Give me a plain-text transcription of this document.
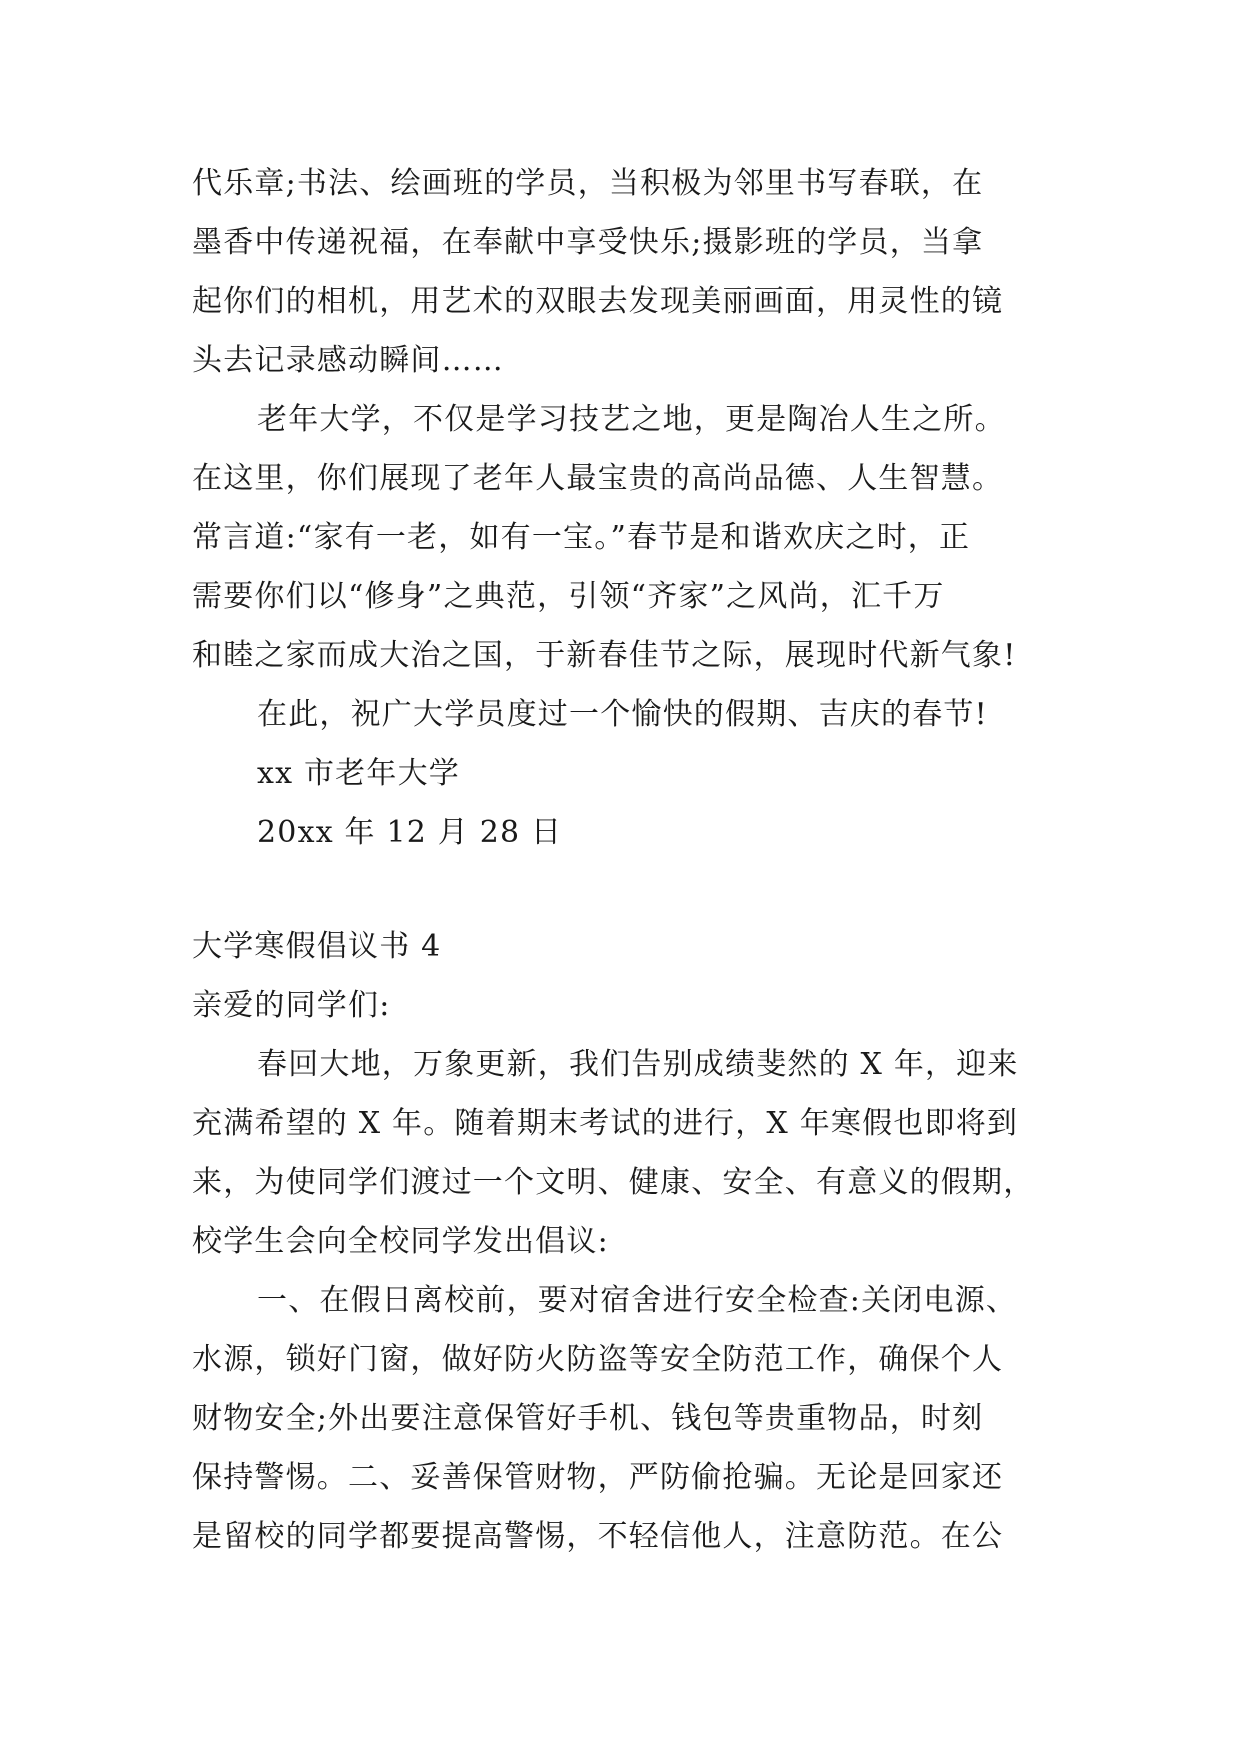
代乐章;书法、绘画班的学员，当积极为邻里书写春联，在
墨香中传递祝福，在奉献中享受快乐;摄影班的学员，当拿
起你们的相机，用艺术的双眼去发现美丽画面，用灵性的镜
头去记录感动瞬间……
老年大学，不仅是学习技艺之地，更是陶冶人生之所。
在这里，你们展现了老年人最宝贵的高尚品德、人生智慧。
常言道:“家有一老，如有一宝。”春节是和谐欢庆之时，正
需要你们以“修身”之典范，引领“齐家”之风尚，汇千万
和睦之家而成大治之国，于新春佳节之际，展现时代新气象!
在此，祝广大学员度过一个愉快的假期、吉庆的春节!
xx 市老年大学
20xx 年 12 月 28 日
大学寒假倡议书 4
亲爱的同学们:
春回大地，万象更新，我们告别成绩斐然的 X 年，迎来
充满希望的 X 年。随着期末考试的进行，X 年寒假也即将到
来，为使同学们渡过一个文明、健康、安全、有意义的假期，
校学生会向全校同学发出倡议:
一、在假日离校前，要对宿舍进行安全检查:关闭电源、
水源，锁好门窗，做好防火防盗等安全防范工作，确保个人
财物安全;外出要注意保管好手机、钱包等贵重物品，时刻
保持警惕。二、妥善保管财物，严防偷抢骗。无论是回家还
是留校的同学都要提高警惕，不轻信他人，注意防范。在公
